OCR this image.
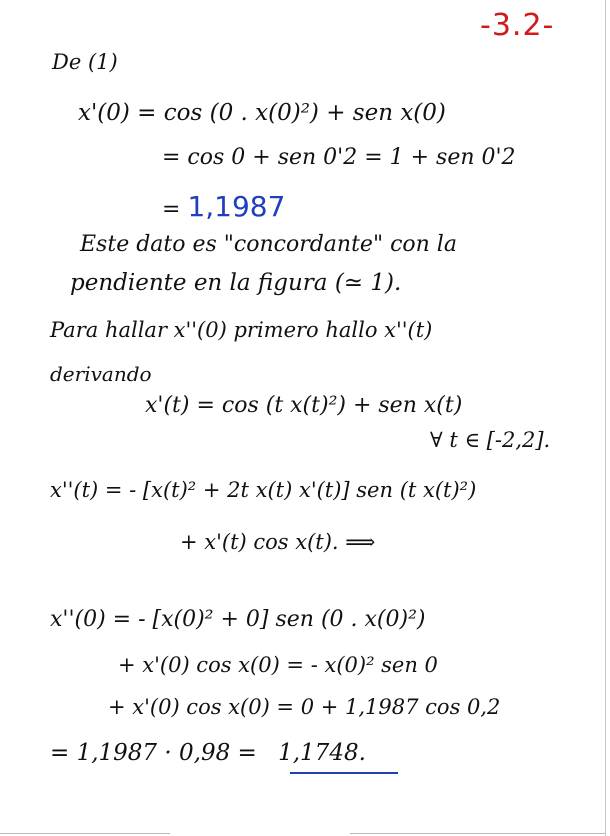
-3.2-
De (1)
x'(0) = cos (0 . x(0)²) + sen x(0)
= cos 0 + sen 0'2 = 1 + sen 0'2
= 1,1987
Este dato es "concordante" con la
pendiente en la figura (≃ 1).
Para hallar x''(0) primero hallo x''(t)
derivando
x'(t) = cos (t x(t)²) + sen x(t)
∀ t ∈ [-2,2].
x''(t) = - [x(t)² + 2t x(t) x'(t)] sen (t x(t)²)
+ x'(t) cos x(t). ⟹
x''(0) = - [x(0)² + 0] sen (0 . x(0)²)
+ x'(0) cos x(0) = - x(0)² sen 0
+ x'(0) cos x(0) = 0 + 1,1987 cos 0,2
= 1,1987 · 0,98 = 1,1748.
